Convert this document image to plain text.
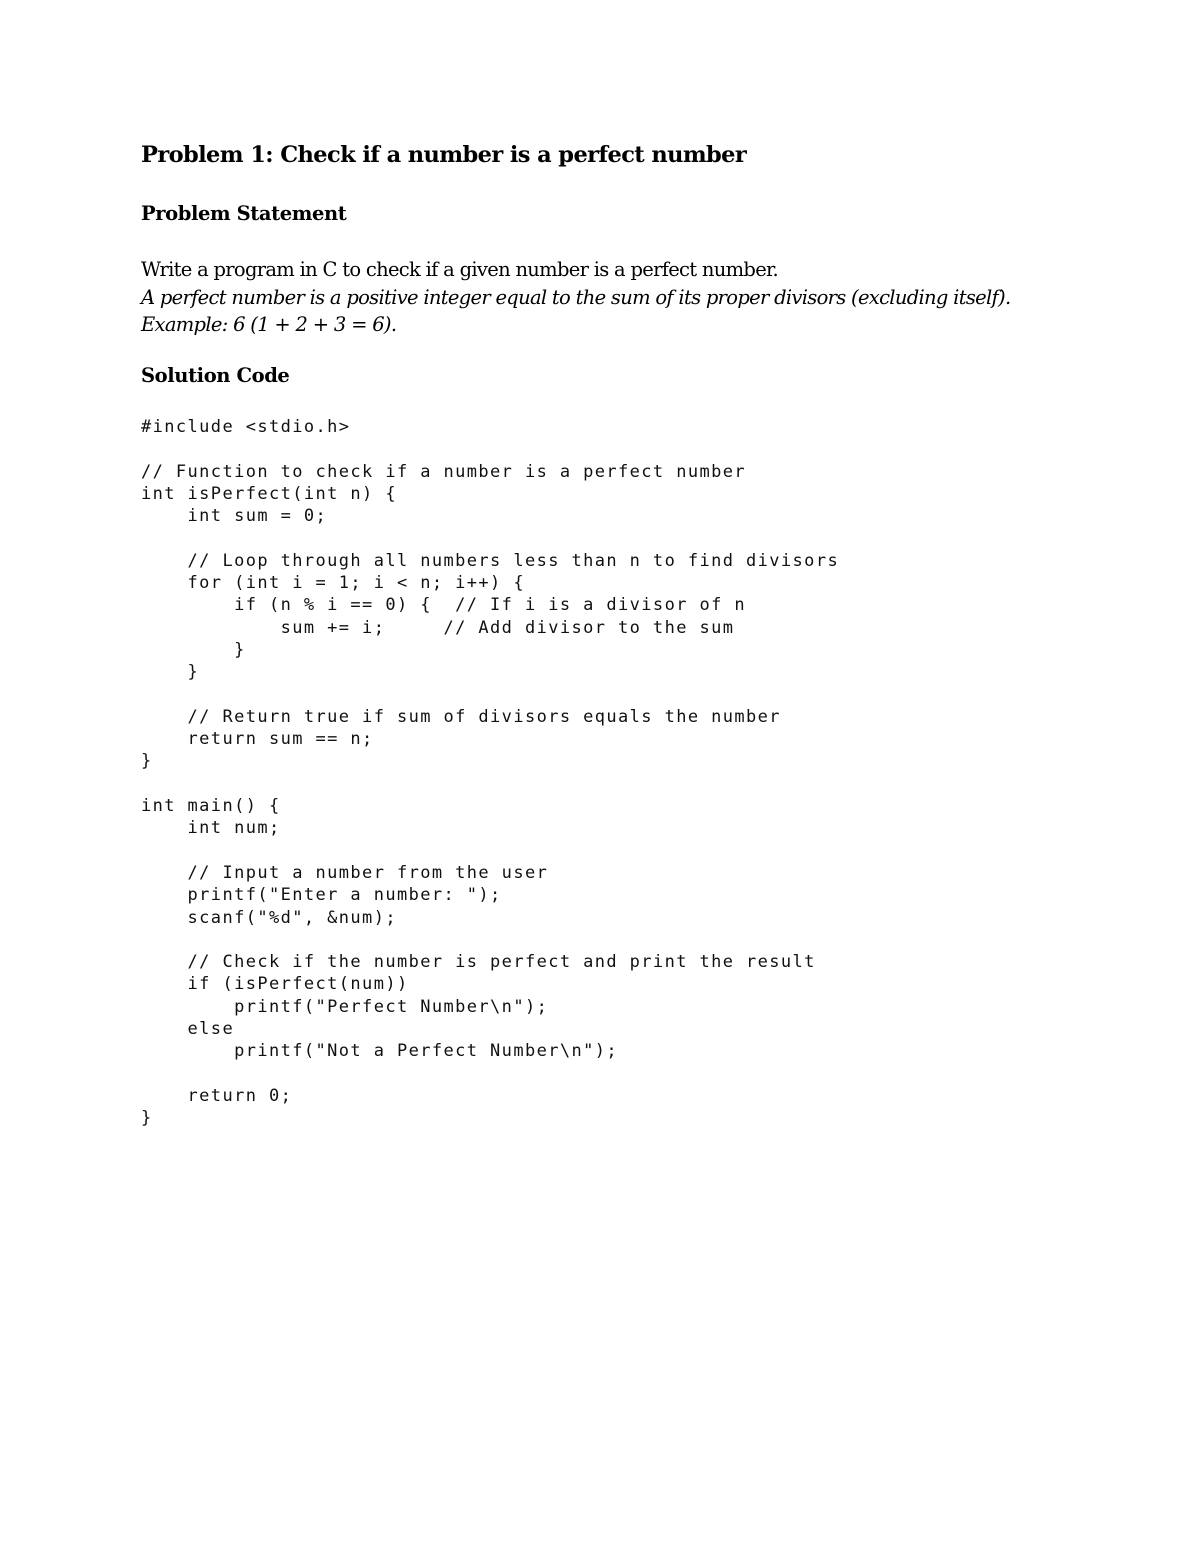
Problem 1: Check if a number is a perfect number
Problem Statement

Write a program in C to check if a given number is a perfect number.
A perfect number is a positive integer equal to the sum of its proper divisors (excluding itself).
Example: 6 (1 + 2 + 3 = 6).

Solution Code
#include <stdio.h>

// Function to check if a number is a perfect number
int isPerfect(int n) {
int sum = 0;

// Loop through all numbers less than n to find divisors
for (int i = 1; i < n; i++) {
if (n % i == 0) {  // If i is a divisor of n
sum += i;     // Add divisor to the sum
}
}

// Return true if sum of divisors equals the number
return sum == n;
}

int main() {
int num;

// Input a number from the user
printf("Enter a number: ");
scanf("%d", &num);

// Check if the number is perfect and print the result
if (isPerfect(num))
printf("Perfect Number\n");
else
printf("Not a Perfect Number\n");

return 0;
}
